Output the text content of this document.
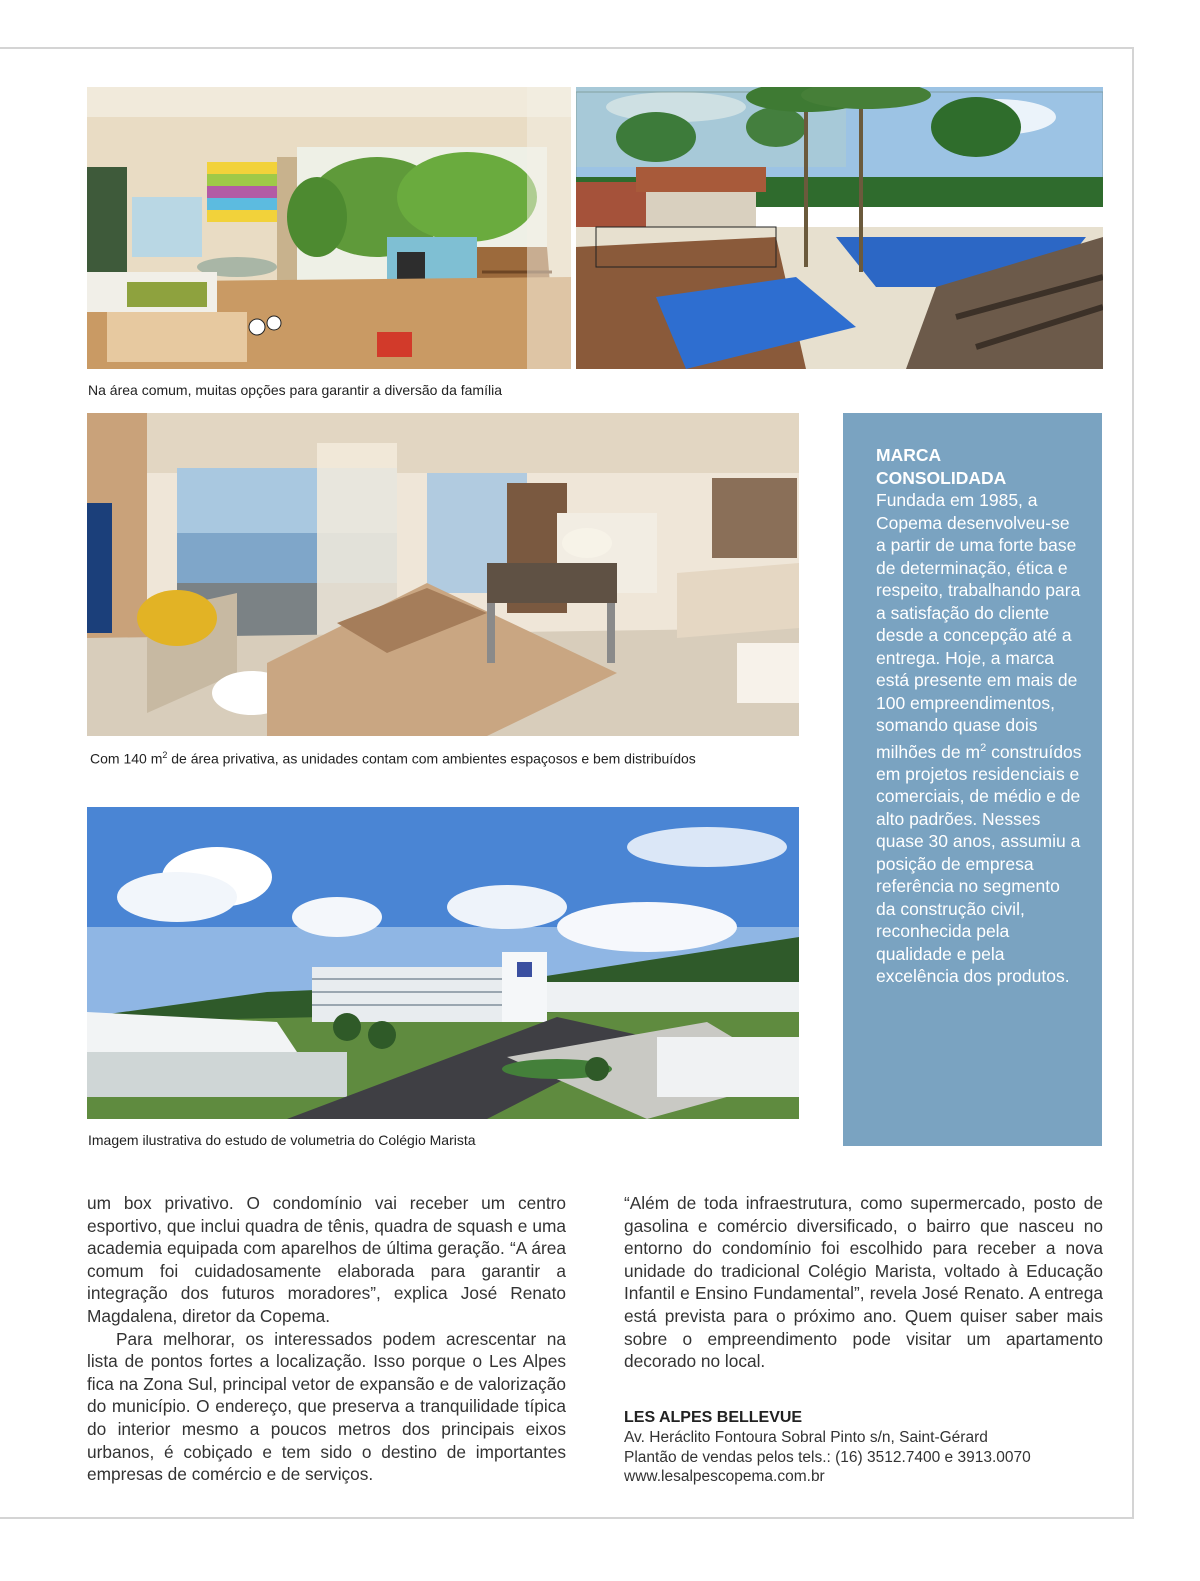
Na área comum, muitas opções para garantir a diversão da família
Com 140 $m^2$ de área privativa, as unidades contam com ambientes espaçosos e bem distribuídos
Imagem ilustrativa do estudo de volumetria do Colégio Marista
MARCA
CONSOLIDADA

Fundada em 1985, a Copema desenvolveu-se a partir de uma forte base de determinação, ética e respeito, trabalhando para a satisfação do cliente desde a concepção até a entrega. Hoje, a marca está presente em mais de 100 empreendimentos, somando quase dois milhões de $m^2$ construídos em projetos residenciais e comerciais, de médio e de alto padrões. Nesses quase 30 anos, assumiu a posição de empresa referência no segmento da construção civil, reconhecida pela qualidade e pela excelência dos produtos.

um box privativo. O condomínio vai receber um centro esportivo, que inclui quadra de tênis, quadra de squash e uma academia equipada com aparelhos de última geração. “A área comum foi cuidadosamente elaborada para garantir a integração dos futuros moradores”, explica José Renato Magdalena, diretor da Copema.

Para melhorar, os interessados podem acrescentar na lista de pontos fortes a localização. Isso porque o Les Alpes fica na Zona Sul, principal vetor de expansão e de valorização do município. O endereço, que preserva a tranquilidade típica do interior mesmo a poucos metros dos principais eixos urbanos, é cobiçado e tem sido o destino de importantes empresas de comércio e de serviços.

“Além de toda infraestrutura, como supermercado, posto de gasolina e comércio diversificado, o bairro que nasceu no entorno do condomínio foi escolhido para receber a nova unidade do tradicional Colégio Marista, voltado à Educação Infantil e Ensino Fundamental”, revela José Renato. A entrega está prevista para o próximo ano. Quem quiser saber mais sobre o empreendimento pode visitar um apartamento decorado no local.

LES ALPES BELLEVUE
Av. Heráclito Fontoura Sobral Pinto s/n, Saint-Gérard
Plantão de vendas pelos tels.: (16) 3512.7400 e 3913.0070
www.lesalpescopema.com.br
